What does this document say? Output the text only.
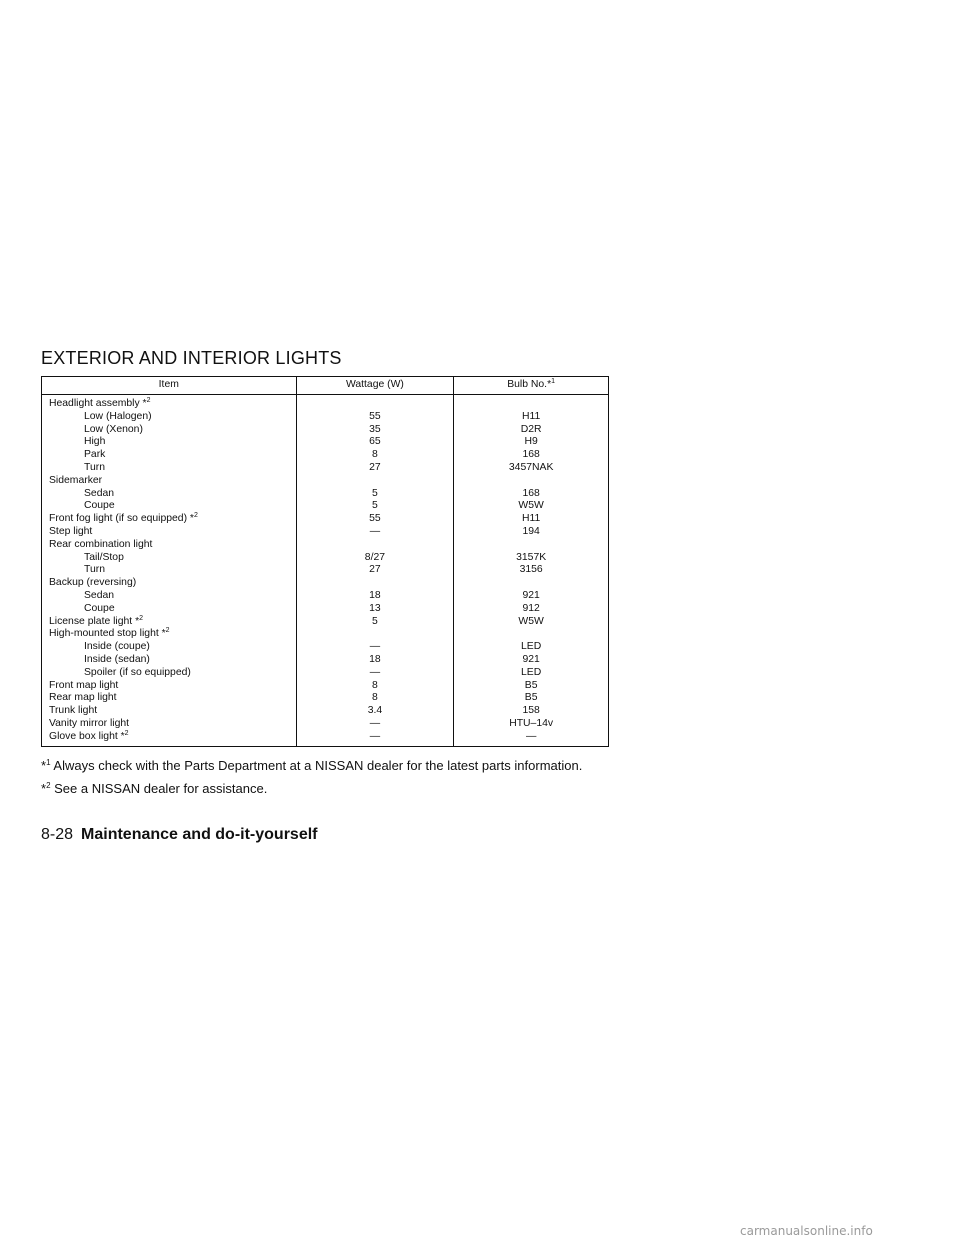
EXTERIOR AND INTERIOR LIGHTS
Item	Wattage (W)	Bulb No.*$^1$
Headlight assembly *$^2$		
Low (Halogen)	55	H11
Low (Xenon)	35	D2R
High	65	H9
Park	8	168
Turn	27	3457NAK
Sidemarker		
Sedan	5	168
Coupe	5	W5W
Front fog light (if so equipped) *$^2$	55	H11
Step light	—	194
Rear combination light		
Tail/Stop	8/27	3157K
Turn	27	3156
Backup (reversing)		
Sedan	18	921
Coupe	13	912
License plate light *$^2$	5	W5W
High-mounted stop light *$^2$		
Inside (coupe)	—	LED
Inside (sedan)	18	921
Spoiler (if so equipped)	—	LED
Front map light	8	B5
Rear map light	8	B5
Trunk light	3.4	158
Vanity mirror light	—	HTU–14v
Glove box light *$^2$	—	—

*$^1$ Always check with the Parts Department at a NISSAN dealer for the latest parts information.

*$^2$ See a NISSAN dealer for assistance.

8-28 Maintenance and do-it-yourself
carmanualsonline.info
